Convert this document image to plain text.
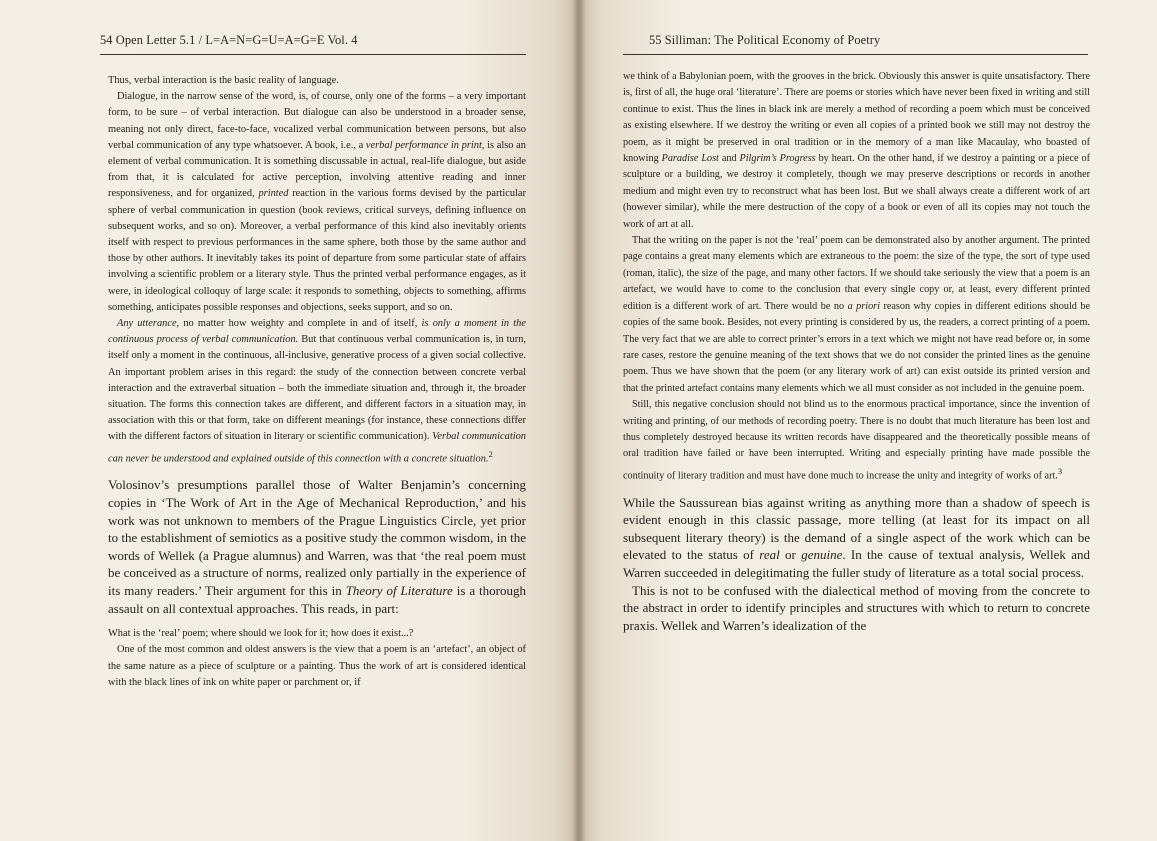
54 Open Letter 5.1 / L=A=N=G=U=A=G=E Vol. 4

Thus, verbal interaction is the basic reality of language.

Dialogue, in the narrow sense of the word, is, of course, only one of the forms – a very important form, to be sure – of verbal interaction. But dialogue can also be understood in a broader sense, meaning not only direct, face-to-face, vocalized verbal communication between persons, but also verbal communication of any type whatsoever. A book, i.e., a verbal performance in print, is also an element of verbal communication. It is something discussable in actual, real-life dialogue, but aside from that, it is calculated for active perception, involving attentive reading and inner responsiveness, and for organized, printed reaction in the various forms devised by the particular sphere of verbal communication in question (book reviews, critical surveys, defining influence on subsequent works, and so on). Moreover, a verbal performance of this kind also inevitably orients itself with respect to previous performances in the same sphere, both those by the same author and those by other authors. It inevitably takes its point of departure from some particular state of affairs involving a scientific problem or a literary style. Thus the printed verbal performance engages, as it were, in ideological colloquy of large scale: it responds to something, objects to something, affirms something, anticipates possible responses and objections, seeks support, and so on.

Any utterance, no matter how weighty and complete in and of itself, is only a moment in the continuous process of verbal communication. But that continuous verbal communication is, in turn, itself only a moment in the continuous, all-inclusive, generative process of a given social collective. An important problem arises in this regard: the study of the connection between concrete verbal interaction and the extraverbal situation – both the immediate situation and, through it, the broader situation. The forms this connection takes are different, and different factors in a situation may, in association with this or that form, take on different meanings (for instance, these connections differ with the different factors of situation in literary or scientific communication). Verbal communication can never be understood and explained outside of this connection with a concrete situation.$^2$

Volosinov’s presumptions parallel those of Walter Benjamin’s concerning copies in ‘The Work of Art in the Age of Mechanical Reproduction,’ and his work was not unknown to members of the Prague Linguistics Circle, yet prior to the establishment of semiotics as a positive study the common wisdom, in the words of Wellek (a Prague alumnus) and Warren, was that ‘the real poem must be conceived as a structure of norms, realized only partially in the experience of its many readers.’ Their argument for this in Theory of Literature is a thorough assault on all contextual approaches. This reads, in part:

What is the ‘real’ poem; where should we look for it; how does it exist...?

One of the most common and oldest answers is the view that a poem is an ‘artefact’, an object of the same nature as a piece of sculpture or a painting. Thus the work of art is considered identical with the black lines of ink on white paper or parchment or, if

55 Silliman: The Political Economy of Poetry

we think of a Babylonian poem, with the grooves in the brick. Obviously this answer is quite unsatisfactory. There is, first of all, the huge oral ‘literature’. There are poems or stories which have never been fixed in writing and still continue to exist. Thus the lines in black ink are merely a method of recording a poem which must be conceived as existing elsewhere. If we destroy the writing or even all copies of a printed book we still may not destroy the poem, as it might be preserved in oral tradition or in the memory of a man like Macaulay, who boasted of knowing Paradise Lost and Pilgrim’s Progress by heart. On the other hand, if we destroy a painting or a piece of sculpture or a building, we destroy it completely, though we may preserve descriptions or records in another medium and might even try to reconstruct what has been lost. But we shall always create a different work of art (however similar), while the mere destruction of the copy of a book or even of all its copies may not touch the work of art at all.

That the writing on the paper is not the ‘real’ poem can be demonstrated also by another argument. The printed page contains a great many elements which are extraneous to the poem: the size of the type, the sort of type used (roman, italic), the size of the page, and many other factors. If we should take seriously the view that a poem is an artefact, we would have to come to the conclusion that every single copy or, at least, every different printed edition is a different work of art. There would be no a priori reason why copies in different editions should be copies of the same book. Besides, not every printing is considered by us, the readers, a correct printing of a poem. The very fact that we are able to correct printer’s errors in a text which we might not have read before or, in some rare cases, restore the genuine meaning of the text shows that we do not consider the printed lines as the genuine poem. Thus we have shown that the poem (or any literary work of art) can exist outside its printed version and that the printed artefact contains many elements which we all must consider as not included in the genuine poem.

Still, this negative conclusion should not blind us to the enormous practical importance, since the invention of writing and printing, of our methods of recording poetry. There is no doubt that much literature has been lost and thus completely destroyed because its written records have disappeared and the theoretically possible means of oral tradition have failed or have been interrupted. Writing and especially printing have made possible the continuity of literary tradition and must have done much to increase the unity and integrity of works of art.$^3$

While the Saussurean bias against writing as anything more than a shadow of speech is evident enough in this classic passage, more telling (at least for its impact on all subsequent literary theory) is the demand of a single aspect of the work which can be elevated to the status of real or genuine. In the cause of textual analysis, Wellek and Warren succeeded in delegitimating the fuller study of literature as a total social process.

This is not to be confused with the dialectical method of moving from the concrete to the abstract in order to identify principles and structures with which to return to concrete praxis. Wellek and Warren’s idealization of the
